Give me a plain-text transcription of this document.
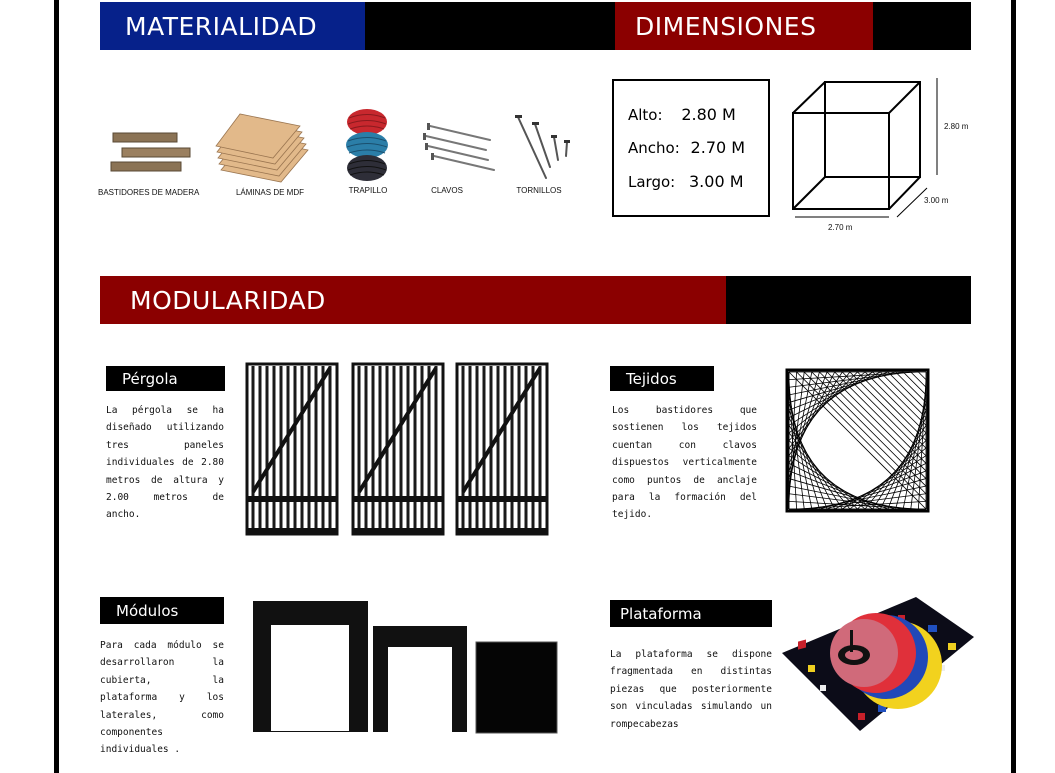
MATERIALIDAD	DIMENSIONES
BASTIDORES DE MADERA	LÁMINAS DE MDF	TRAPILLO	CLAVOS	TORNILLOS
Alto: 2.80 M
Ancho: 2.70 M
Largo: 3.00 M
2.80 m
3.00 m
2.70 m
MODULARIDAD
Pérgola
La pérgola se ha diseñado utilizando tres paneles individuales de 2.80 metros de altura y 2.00 metros de ancho.
Tejidos
Los bastidores que sostienen los tejidos cuentan con clavos dispuestos verticalmente como puntos de anclaje para la formación del tejido.
Módulos
Para cada módulo se desarrollaron la cubierta, la plataforma y los laterales, como componentes individuales .
Plataforma
La plataforma se dispone fragmentada en distintas piezas que posteriormente son vinculadas simulando un rompecabezas
